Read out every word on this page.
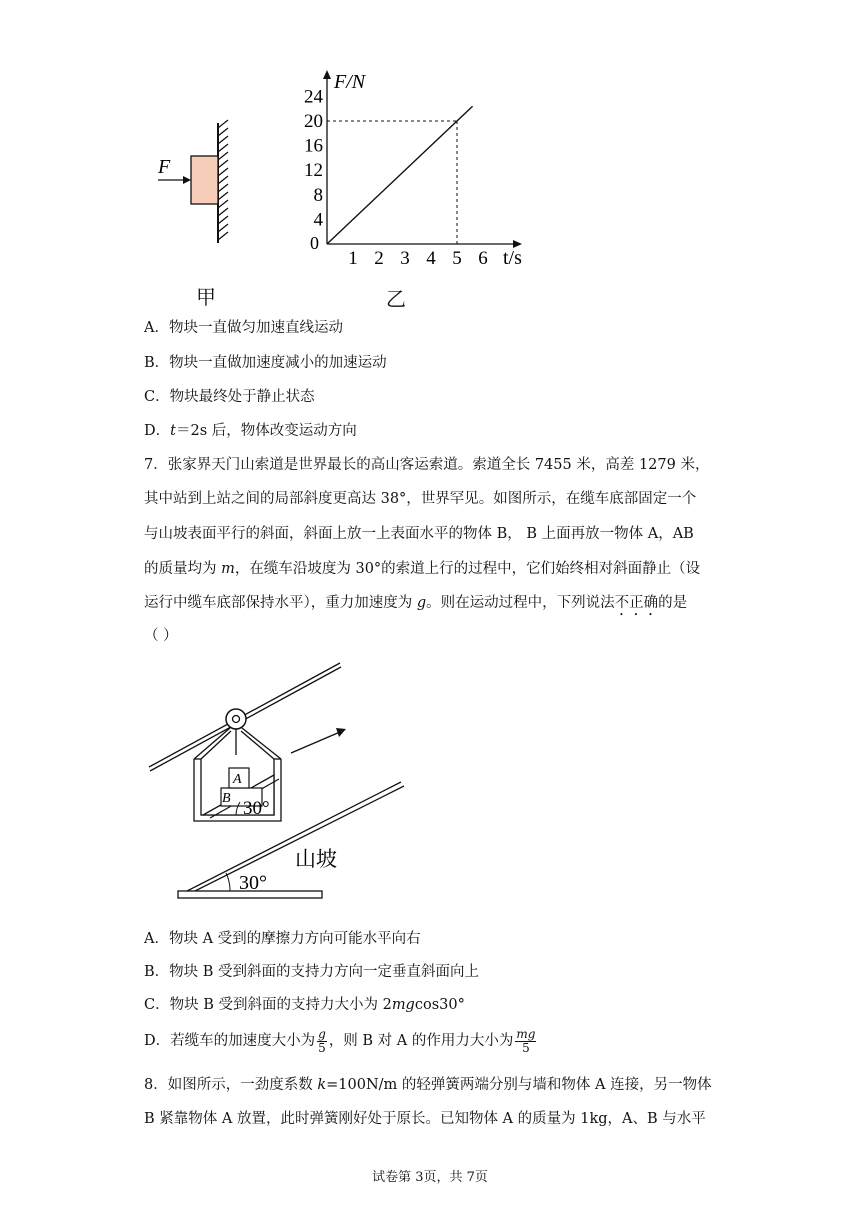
F
甲
F/N
t/s
0
24
20
16
12
8
4
1 2 3 4 5 6
乙
A．物块一直做匀加速直线运动
B．物块一直做加速度减小的加速运动
C．物块最终处于静止状态
D．t＝2s 后，物体改变运动方向
7．张家界天门山索道是世界最长的高山客运索道。索道全长 7455 米，高差 1279 米，
其中站到上站之间的局部斜度更高达 38°，世界罕见。如图所示，在缆车底部固定一个
与山坡表面平行的斜面，斜面上放一上表面水平的物体 B， B 上面再放一物体 A，AB
的质量均为 m，在缆车沿坡度为 30°的索道上行的过程中，它们始终相对斜面静止（设
运行中缆车底部保持水平），重力加速度为 g。则在运动过程中，下列说法不正确的是
（ ）
B
A
30°
30°
山坡
A．物块 A 受到的摩擦力方向可能水平向右
B．物块 B 受到斜面的支持力方向一定垂直斜面向上
C．物块 B 受到斜面的支持力大小为 2mgcos30°
D．若缆车的加速度大小为 $\frac{g}{5}$ ，则 B 对 A 的作用力大小为 $\frac{mg}{5}$
8．如图所示，一劲度系数 k=100N/m 的轻弹簧两端分别与墙和物体 A 连接，另一物体
B 紧靠物体 A 放置，此时弹簧刚好处于原长。已知物体 A 的质量为 1kg，A、B 与水平
试卷第 3页，共 7页
